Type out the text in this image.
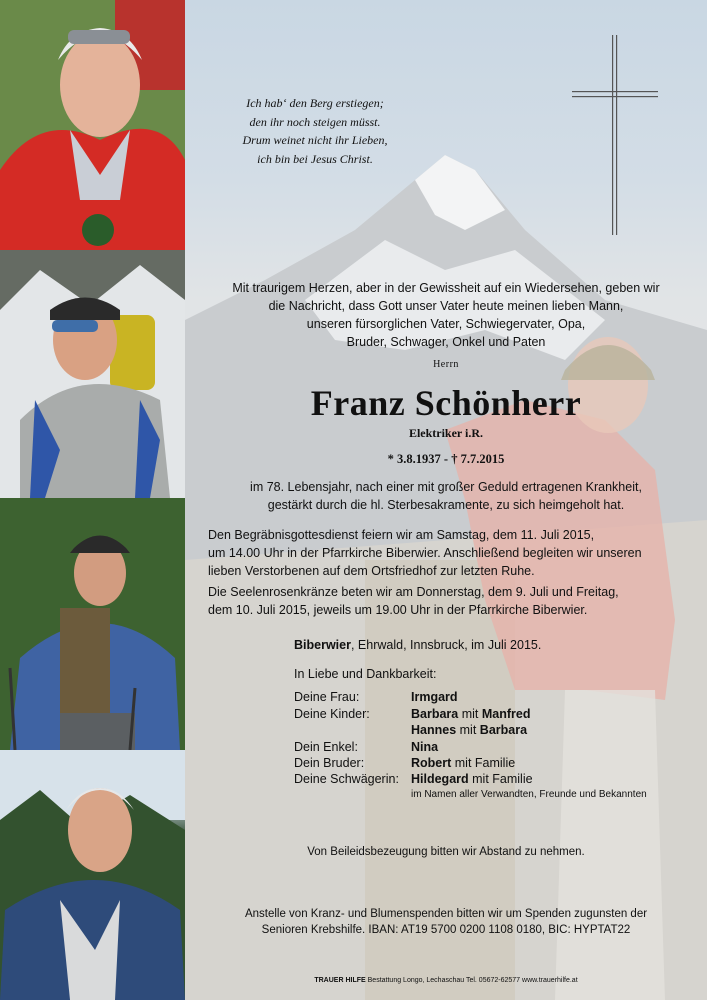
Ich hab‘ den Berg erstiegen;
den ihr noch steigen müsst.
Drum weinet nicht ihr Lieben,
ich bin bei Jesus Christ.
Mit traurigem Herzen, aber in der Gewissheit auf ein Wiedersehen, geben wir
die Nachricht, dass Gott unser Vater heute meinen lieben Mann,
unseren fürsorglichen Vater, Schwiegervater, Opa,
Bruder, Schwager, Onkel und Paten
Herrn
Franz Schönherr
Elektriker i.R.
* 3.8.1937 - † 7.7.2015
im 78. Lebensjahr, nach einer mit großer Geduld ertragenen Krankheit,
gestärkt durch die hl. Sterbesakramente, zu sich heimgeholt hat.
Den Begräbnisgottesdienst feiern wir am Samstag, dem 11. Juli 2015,
um 14.00 Uhr in der Pfarrkirche Biberwier. Anschließend begleiten wir unseren
lieben Verstorbenen auf dem Ortsfriedhof zur letzten Ruhe.
Die Seelenrosenkränze beten wir am Donnerstag, dem 9. Juli und Freitag,
dem 10. Juli 2015, jeweils um 19.00 Uhr in der Pfarrkirche Biberwier.
Biberwier, Ehrwald, Innsbruck, im Juli 2015.
In Liebe und Dankbarkeit:
Deine Frau:	Irmgard
Deine Kinder:	Barbara mit Manfred
Hannes mit Barbara
Dein Enkel:	Nina
Dein Bruder:	Robert mit Familie
Deine Schwägerin: Hildegard mit Familie
im Namen aller Verwandten, Freunde und Bekannten
Von Beileidsbezeugung bitten wir Abstand zu nehmen.
Anstelle von Kranz- und Blumenspenden bitten wir um Spenden zugunsten der
Senioren Krebshilfe. IBAN: AT19 5700 0200 1108 0180, BIC: HYPTAT22
TRAUER HILFE Bestattung Longo, Lechaschau Tel. 05672-62577 www.trauerhilfe.at
